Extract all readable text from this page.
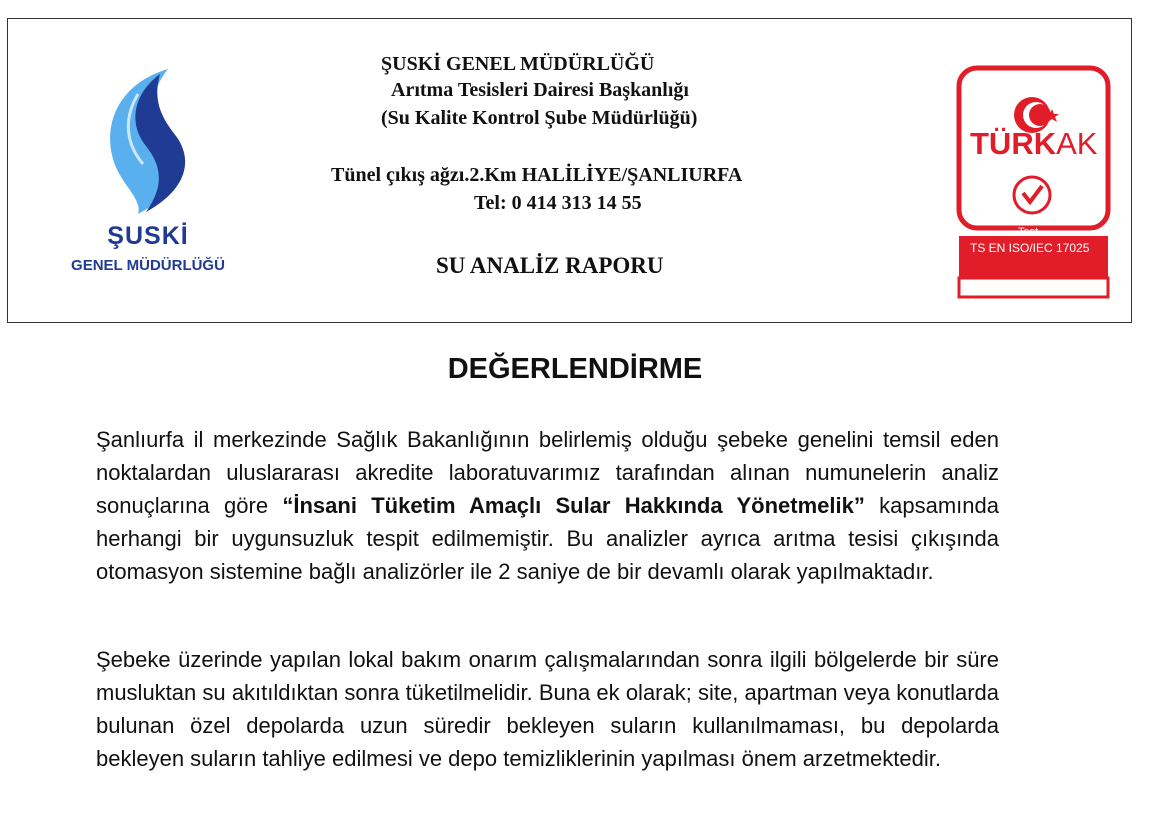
ŞUSKİ
GENEL MÜDÜRLÜĞÜ
ŞUSKİ GENEL MÜDÜRLÜĞÜ
Arıtma Tesisleri Dairesi Başkanlığı
(Su Kalite Kontrol Şube Müdürlüğü)
Tünel çıkış ağzı.2.Km HALİLİYE/ŞANLIURFA
Tel: 0 414 313 14 55
SU ANALİZ RAPORU
TÜRKAK
Test
TS EN ISO/IEC 17025
AB-1274-T
DEĞERLENDİRME
Şanlıurfa il merkezinde Sağlık Bakanlığının belirlemiş olduğu şebeke genelini temsil eden noktalardan uluslararası akredite laboratuvarımız tarafından alınan numunelerin analiz sonuçlarına göre “İnsani Tüketim Amaçlı Sular Hakkında Yönetmelik” kapsamında herhangi bir uygunsuzluk tespit edilmemiştir. Bu analizler ayrıca arıtma tesisi çıkışında otomasyon sistemine bağlı analizörler ile 2 saniye de bir devamlı olarak yapılmaktadır.
Şebeke üzerinde yapılan lokal bakım onarım çalışmalarından sonra ilgili bölgelerde bir süre musluktan su akıtıldıktan sonra tüketilmelidir. Buna ek olarak; site, apartman veya konutlarda bulunan özel depolarda uzun süredir bekleyen suların kullanılmaması, bu depolarda bekleyen suların tahliye edilmesi ve depo temizliklerinin yapılması önem arzetmektedir.
